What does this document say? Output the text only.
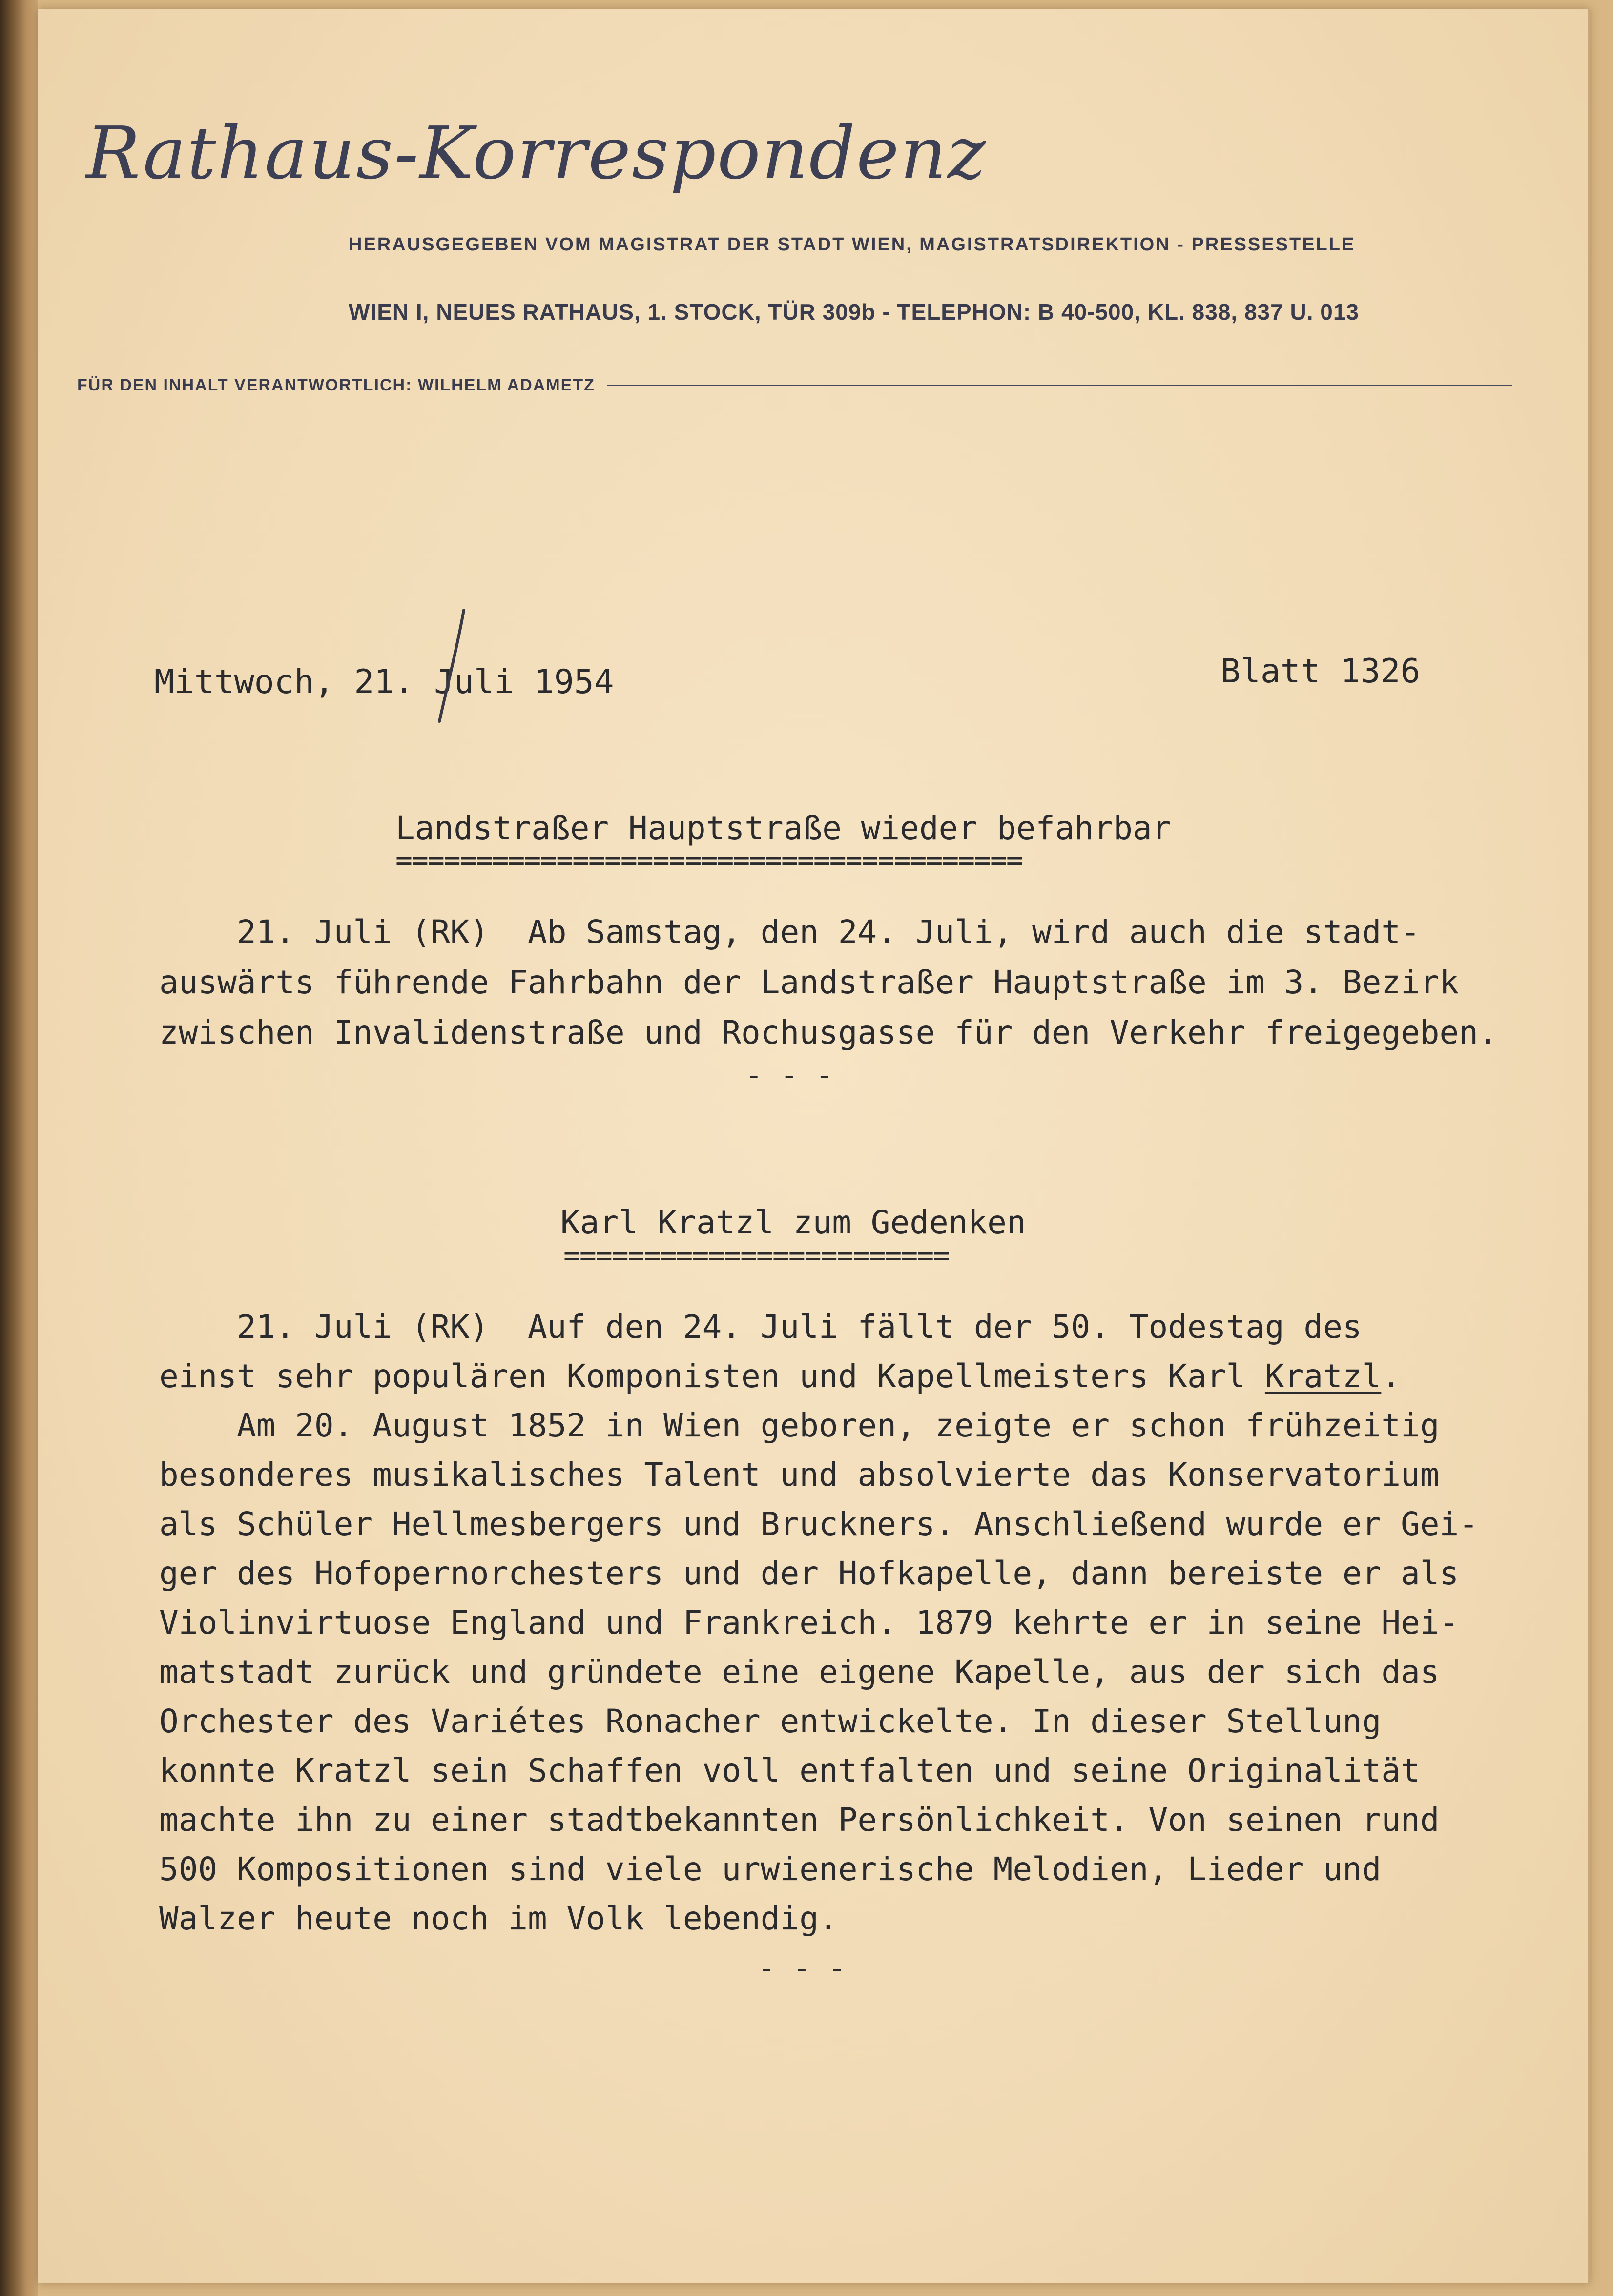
Rathaus-Korrespondenz
HERAUSGEGEBEN VOM MAGISTRAT DER STADT WIEN, MAGISTRATSDIREKTION - PRESSESTELLE
WIEN I, NEUES RATHAUS, 1. STOCK, TÜR 309b - TELEPHON: B 40-500, KL. 838, 837 U. 013
FÜR DEN INHALT VERANTWORTLICH: WILHELM ADAMETZ
Mittwoch, 21. Juli 1954	Blatt 1326
Landstraßer Hauptstraße wieder befahrbar
=======================================
21. Juli (RK)  Ab Samstag, den 24. Juli, wird auch die stadt-
auswärts führende Fahrbahn der Landstraßer Hauptstraße im 3. Bezirk
zwischen Invalidenstraße und Rochusgasse für den Verkehr freigegeben.
- - -
Karl Kratzl zum Gedenken
========================
21. Juli (RK)  Auf den 24. Juli fällt der 50. Todestag des
einst sehr populären Komponisten und Kapellmeisters Karl Kratzl.
Am 20. August 1852 in Wien geboren, zeigte er schon frühzeitig
besonderes musikalisches Talent und absolvierte das Konservatorium
als Schüler Hellmesbergers und Bruckners. Anschließend wurde er Gei-
ger des Hofopernorchesters und der Hofkapelle, dann bereiste er als
Violinvirtuose England und Frankreich. 1879 kehrte er in seine Hei-
matstadt zurück und gründete eine eigene Kapelle, aus der sich das
Orchester des Variétes Ronacher entwickelte. In dieser Stellung
konnte Kratzl sein Schaffen voll entfalten und seine Originalität
machte ihn zu einer stadtbekannten Persönlichkeit. Von seinen rund
500 Kompositionen sind viele urwienerische Melodien, Lieder und
Walzer heute noch im Volk lebendig.
- - -
